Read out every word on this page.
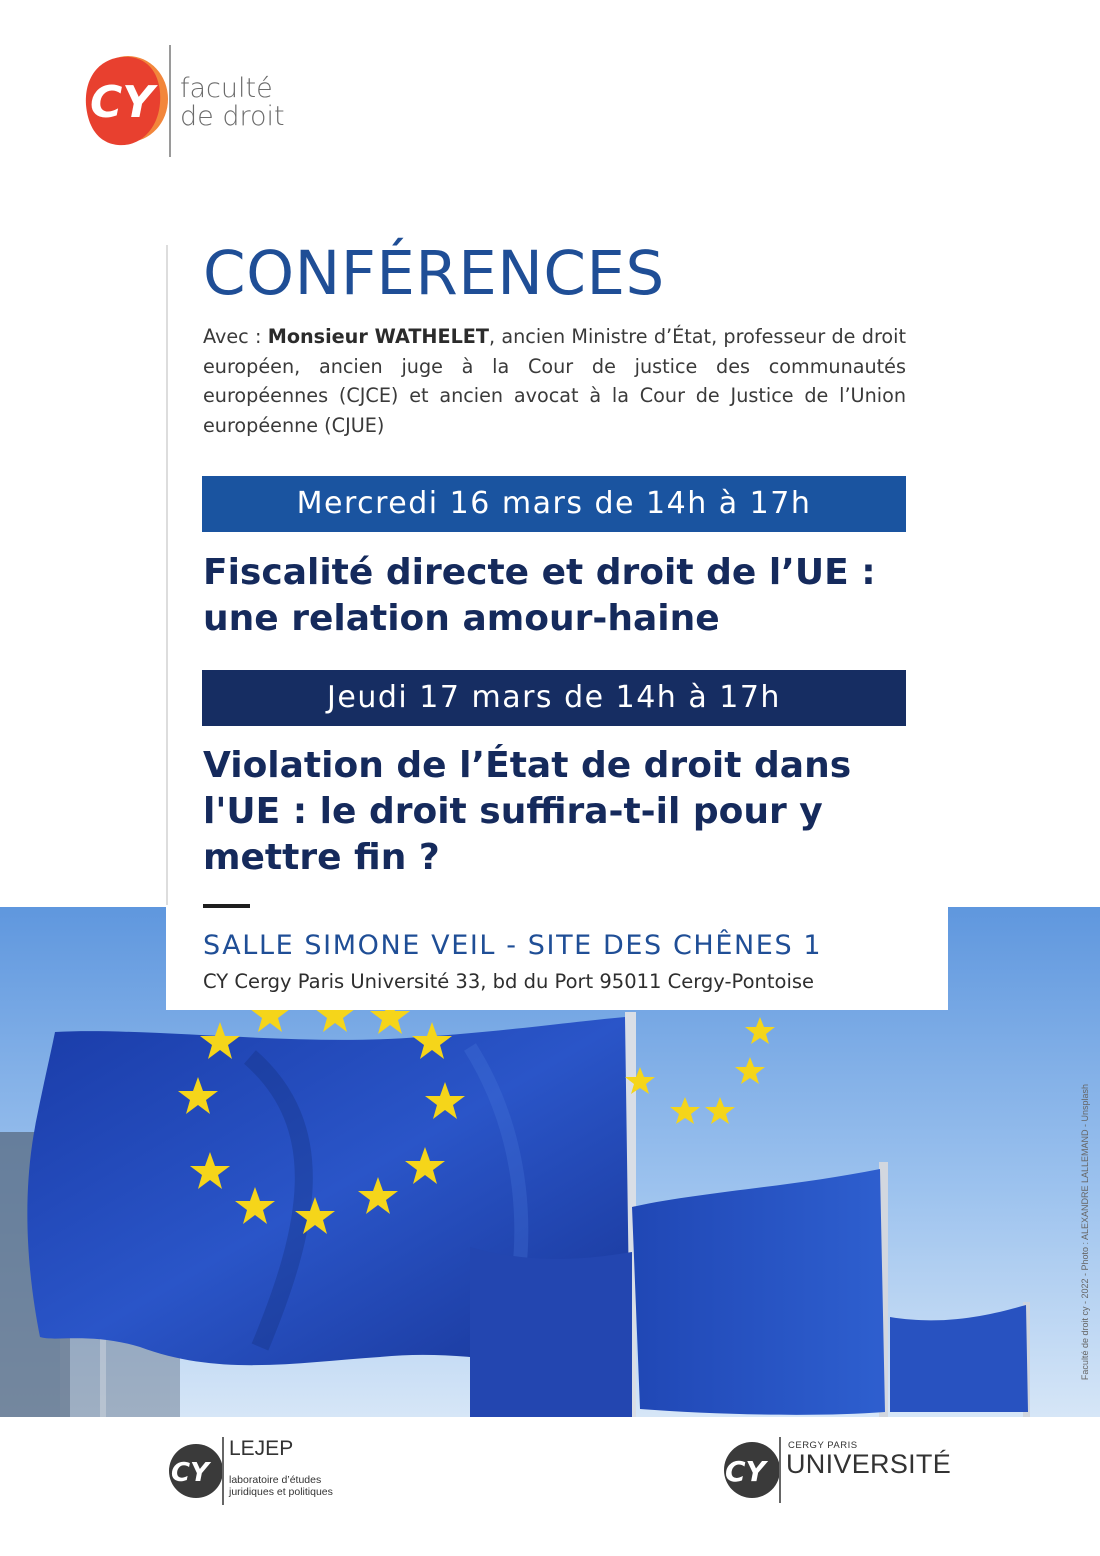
CY faculté
de droit
CONFÉRENCES
Avec : Monsieur WATHELET, ancien Ministre d’État, professeur de droit européen, ancien juge à la Cour de justice des communautés européennes (CJCE) et ancien avocat à la Cour de Justice de l’Union européenne (CJUE)
Mercredi 16 mars de 14h à 17h
Fiscalité directe et droit de l’UE :
une relation amour-haine
Jeudi 17 mars de 14h à 17h
Violation de l’État de droit dans
l'UE : le droit suffira-t-il pour y
mettre fin ?
SALLE SIMONE VEIL - SITE DES CHÊNES 1
CY Cergy Paris Université 33, bd du Port 95011 Cergy-Pontoise
Faculté de droit cy - 2022 - Photo : ALEXANDRE LALLEMAND - Unsplash
CY
LEJEP
laboratoire d’études
juridiques et politiques
CY
CERGY PARIS
UNIVERSITÉ
